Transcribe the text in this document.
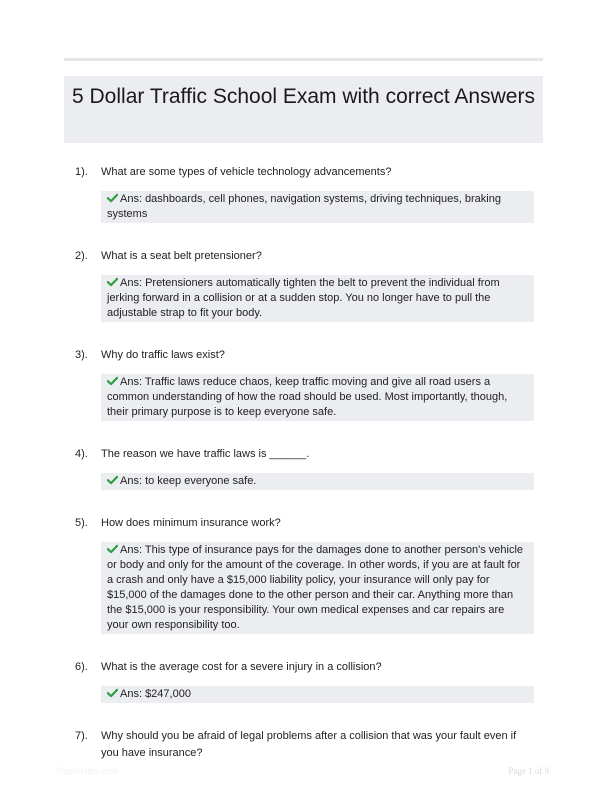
5 Dollar Traffic School Exam with correct Answers
1).	What are some types of vehicle technology advancements?
Ans: dashboards, cell phones, navigation systems, driving techniques, braking systems
2).	What is a seat belt pretensioner?
Ans: Pretensioners automatically tighten the belt to prevent the individual from jerking forward in a collision or at a sudden stop. You no longer have to pull the adjustable strap to fit your body.
3).	Why do traffic laws exist?
Ans: Traffic laws reduce chaos, keep traffic moving and give all road users a common understanding of how the road should be used. Most importantly, though, their primary purpose is to keep everyone safe.
4).	The reason we have traffic laws is ______.
Ans: to keep everyone safe.
5).	How does minimum insurance work?
Ans: This type of insurance pays for the damages done to another person's vehicle or body and only for the amount of the coverage. In other words, if you are at fault for a crash and only have a $15,000 liability policy, your insurance will only pay for $15,000 of the damages done to the other person and their car. Anything more than the $15,000 is your responsibility. Your own medical expenses and car repairs are your own responsibility too.
6).	What is the average cost for a severe injury in a collision?
Ans: $247,000
7).	Why should you be afraid of legal problems after a collision that was your fault even if you have insurance?
PaperNibs.com	Page 1 of 9
